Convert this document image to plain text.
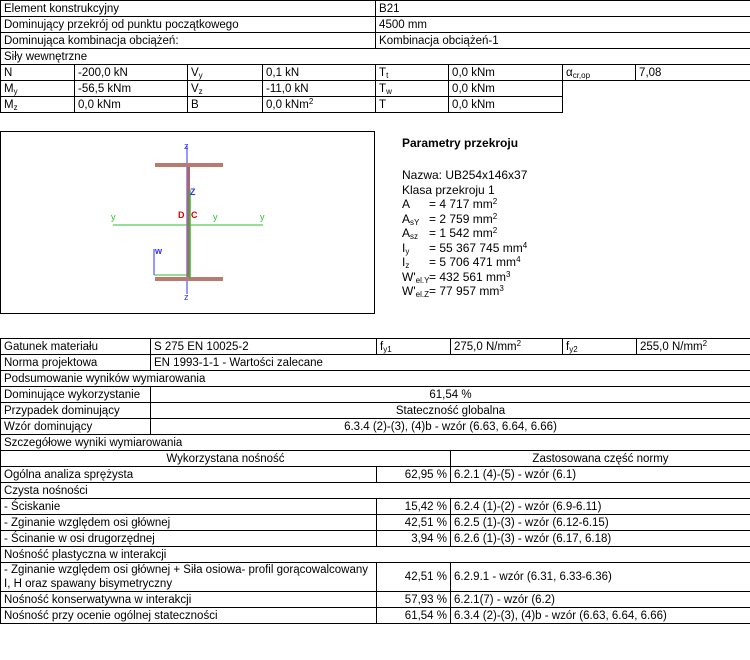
Element konstrukcyjny				B21			
Dominujący przekrój od punktu początkowego				4500 mm			
Dominująca kombinacja obciążeń:				Kombinacja obciążeń-1			
Siły wewnętrzne							
N	-200,0 kN	$V_y$	0,1 kN	$T_t$	0,0 kNm	$\alpha_{cr,op}$	7,08
$M_y$	-56,5 kNm	$V_z$	-11,0 kN	$T_w$	0,0 kNm		
$M_z$	0,0 kNm	B	0,0 kNm$^2$	T	0,0 kNm		
z
z
Z
y	y	y
D C
w
Parametry przekroju
Nazwa: UB254x146x37
Klasa przekroju 1
A = 4 717 $mm^2$
$A_{sY} = 2$ 759 $mm^2$
$A_{sz} = 1$ 542 $mm^2$
$I_y = 55$ 367 745 $mm^4$
$I_z = 5$ 706 471 $mm^4$
$W'_{el.Y}= 432$ 561 $mm^3$
$W'_{el.Z}= 77$ 957 $mm^3$
Gatunek materiału	S 275 EN 10025-2	$f_{y1}$	275,0 $N/mm^2$	$f_{y2}$	255,0 $N/mm^2$
Norma projektowa	EN 1993-1-1 - Wartości zalecane				
Podsumowanie wyników wymiarowania					
Dominujące wykorzystanie	61,54 %				
Przypadek dominujący	Stateczność globalna				
Wzór dominujący	6.3.4 (2)-(3), (4)b - wzór (6.63, 6.64, 6.66)				
Szczegółowe wyniki wymiarowania					
Wykorzystana nośność			Zastosowana część normy		
Ogólna analiza sprężysta		62,95 %	6.2.1 (4)-(5) - wzór (6.1)		
Czysta nośności					
- Ściskanie		15,42 %	6.2.4 (1)-(2) - wzór (6.9-6.11)		
- Zginanie względem osi głównej		42,51 %	6.2.5 (1)-(3) - wzór (6.12-6.15)		
- Ścinanie w osi drugorzędnej		3,94 %	6.2.6 (1)-(3) - wzór (6.17, 6.18)		
Nośność plastyczna w interakcji					
- Zginanie względem osi głównej + Siła osiowa- profil gorącowalcowany I, H oraz spawany bisymetryczny		42,51 %	6.2.9.1 - wzór (6.31, 6.33-6.36)		
Nośność konserwatywna w interakcji		57,93 %	6.2.1(7) - wzór (6.2)		
Nośność przy ocenie ogólnej stateczności		61,54 %	6.3.4 (2)-(3), (4)b - wzór (6.63, 6.64, 6.66)		
